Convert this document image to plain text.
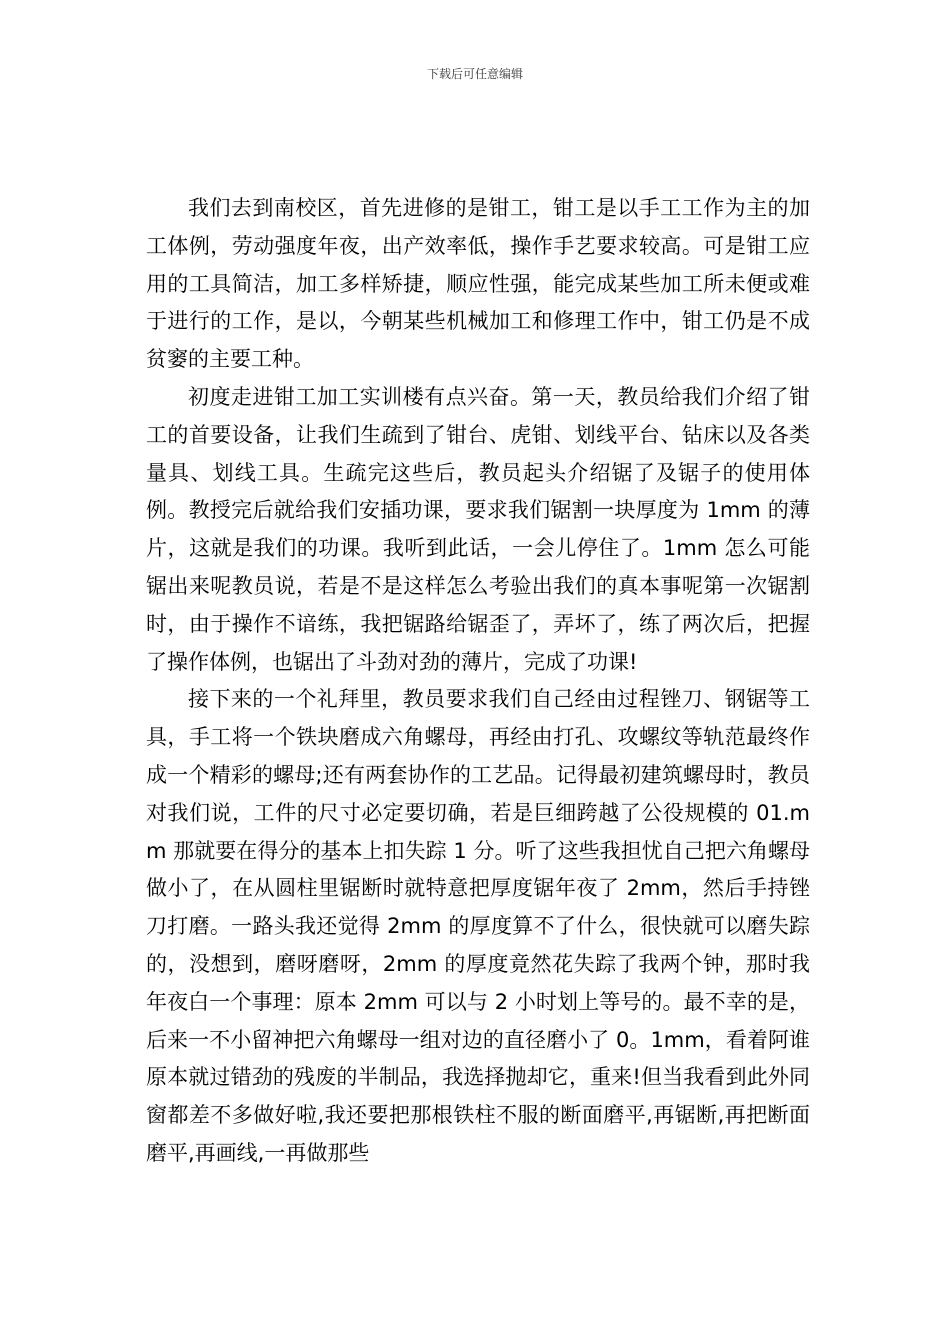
下载后可任意编辑

我们去到南校区，首先进修的是钳工，钳工是以手工工作为主的加工体例，劳动强度年夜，出产效率低，操作手艺要求较高。可是钳工应用的工具简洁，加工多样矫捷，顺应性强，能完成某些加工所未便或难于进行的工作，是以，今朝某些机械加工和修理工作中，钳工仍是不成贫窭的主要工种。

初度走进钳工加工实训楼有点兴奋。第一天，教员给我们介绍了钳工的首要设备，让我们生疏到了钳台、虎钳、划线平台、钻床以及各类量具、划线工具。生疏完这些后，教员起头介绍锯了及锯子的使用体例。教授完后就给我们安插功课，要求我们锯割一块厚度为 1mm 的薄片，这就是我们的功课。我听到此话，一会儿停住了。1mm 怎么可能锯出来呢教员说，若是不是这样怎么考验出我们的真本事呢第一次锯割时，由于操作不谙练，我把锯路给锯歪了，弄坏了，练了两次后，把握了操作体例，也锯出了斗劲对劲的薄片，完成了功课!

接下来的一个礼拜里，教员要求我们自己经由过程锉刀、钢锯等工具，手工将一个铁块磨成六角螺母，再经由打孔、攻螺纹等轨范最终作成一个精彩的螺母;还有两套协作的工艺品。记得最初建筑螺母时，教员对我们说，工件的尺寸必定要切确，若是巨细跨越了公役规模的 01.mm 那就要在得分的基本上扣失踪 1 分。听了这些我担忧自己把六角螺母做小了，在从圆柱里锯断时就特意把厚度锯年夜了 2mm，然后手持锉刀打磨。一路头我还觉得 2mm 的厚度算不了什么，很快就可以磨失踪的，没想到，磨呀磨呀，2mm 的厚度竟然花失踪了我两个钟，那时我年夜白一个事理：原本 2mm 可以与 2 小时划上等号的。最不幸的是，后来一不小留神把六角螺母一组对边的直径磨小了 0。1mm，看着阿谁原本就过错劲的残废的半制品，我选择抛却它，重来!但当我看到此外同窗都差不多做好啦,我还要把那根铁柱不服的断面磨平,再锯断,再把断面磨平,再画线,一再做那些
